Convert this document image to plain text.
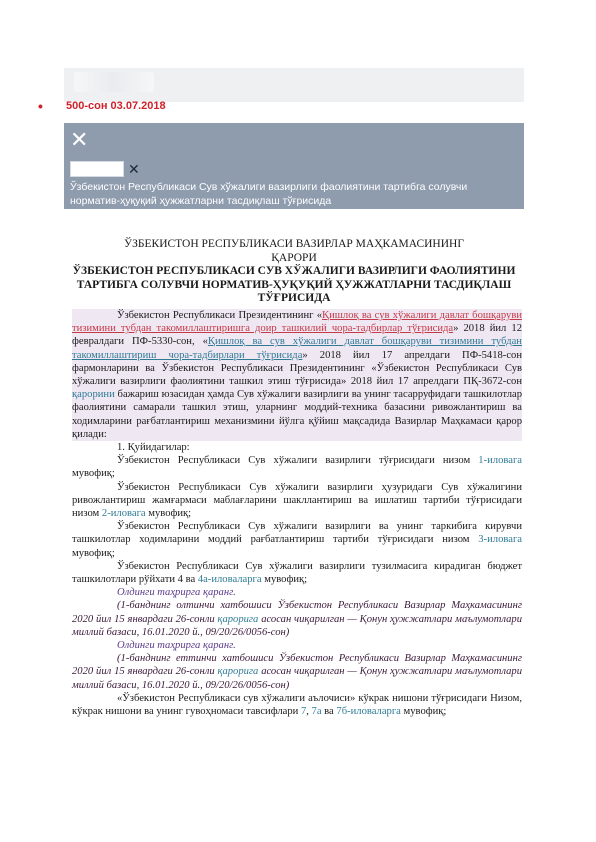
•	500-сон 03.07.2018
✕
✕
Ўзбекистон Республикаси Сув хўжалиги вазирлиги фаолиятини тартибга солувчи норматив-ҳуқуқий ҳужжатларни тасдиқлаш тўғрисида
ЎЗБЕКИСТОН РЕСПУБЛИКАСИ ВАЗИРЛАР МАҲКАМАСИНИНГ
ҚАРОРИ
ЎЗБЕКИСТОН РЕСПУБЛИКАСИ СУВ ХЎЖАЛИГИ ВАЗИРЛИГИ ФАОЛИЯТИНИ ТАРТИБГА СОЛУВЧИ НОРМАТИВ-ҲУҚУҚИЙ ҲУЖЖАТЛАРНИ ТАСДИҚЛАШ ТЎҒРИСИДА

Ўзбекистон Республикаси Президентининг «Қишлоқ ва сув хўжалиги давлат бошқаруви тизимини тубдан такомиллаштиришга доир ташкилий чора-тадбирлар тўғрисида» 2018 йил 12 февралдаги ПФ-5330-сон, «Қишлоқ ва сув хўжалиги давлат бошқаруви тизимини тубдан такомиллаштириш чора-тадбирлари тўғрисида» 2018 йил 17 апрелдаги ПФ-5418-сон фармонларини ва Ўзбекистон Республикаси Президентининг «Ўзбекистон Республикаси Сув хўжалиги вазирлиги фаолиятини ташкил этиш тўғрисида» 2018 йил 17 апрелдаги ПҚ-3672-сон қарорини бажариш юзасидан ҳамда Сув хўжалиги вазирлиги ва унинг тасарруфидаги ташкилотлар фаолиятини самарали ташкил этиш, уларнинг моддий-техника базасини ривожлантириш ва ходимларини рағбатлантириш механизмини йўлга қўйиш мақсадида Вазирлар Маҳкамаси қарор қилади:

1. Қуйидагилар:

Ўзбекистон Республикаси Сув хўжалиги вазирлиги тўғрисидаги низом 1-иловага мувофиқ;

Ўзбекистон Республикаси Сув хўжалиги вазирлиги ҳузуридаги Сув хўжалигини ривожлантириш жамғармаси маблағларини шакллантириш ва ишлатиш тартиби тўғрисидаги низом 2-иловага мувофиқ;

Ўзбекистон Республикаси Сув хўжалиги вазирлиги ва унинг таркибига кирувчи ташкилотлар ходимларини моддий рағбатлантириш тартиби тўғрисидаги низом 3-иловага мувофиқ;

Ўзбекистон Республикаси Сув хўжалиги вазирлиги тузилмасига кирадиган бюджет ташкилотлари рўйхати 4 ва 4а-иловаларга мувофиқ;

Олдинги таҳрирга қаранг.

(1-банднинг олтинчи хатбошиси Ўзбекистон Республикаси Вазирлар Маҳкамасининг 2020 йил 15 январдаги 26-сонли қарорига асосан чиқарилган — Қонун ҳужжатлари маълумотлари миллий базаси, 16.01.2020 й., 09/20/26/0056-сон)

Олдинги таҳрирга қаранг.

(1-банднинг еттинчи хатбошиси Ўзбекистон Республикаси Вазирлар Маҳкамасининг 2020 йил 15 январдаги 26-сонли қарорига асосан чиқарилган — Қонун ҳужжатлари маълумотлари миллий базаси, 16.01.2020 й., 09/20/26/0056-сон)

«Ўзбекистон Республикаси сув хўжалиги аълочиси» кўкрак нишони тўғрисидаги Низом, кўкрак нишони ва унинг гувоҳномаси тавсифлари 7, 7а ва 7б-иловаларга мувофиқ;
